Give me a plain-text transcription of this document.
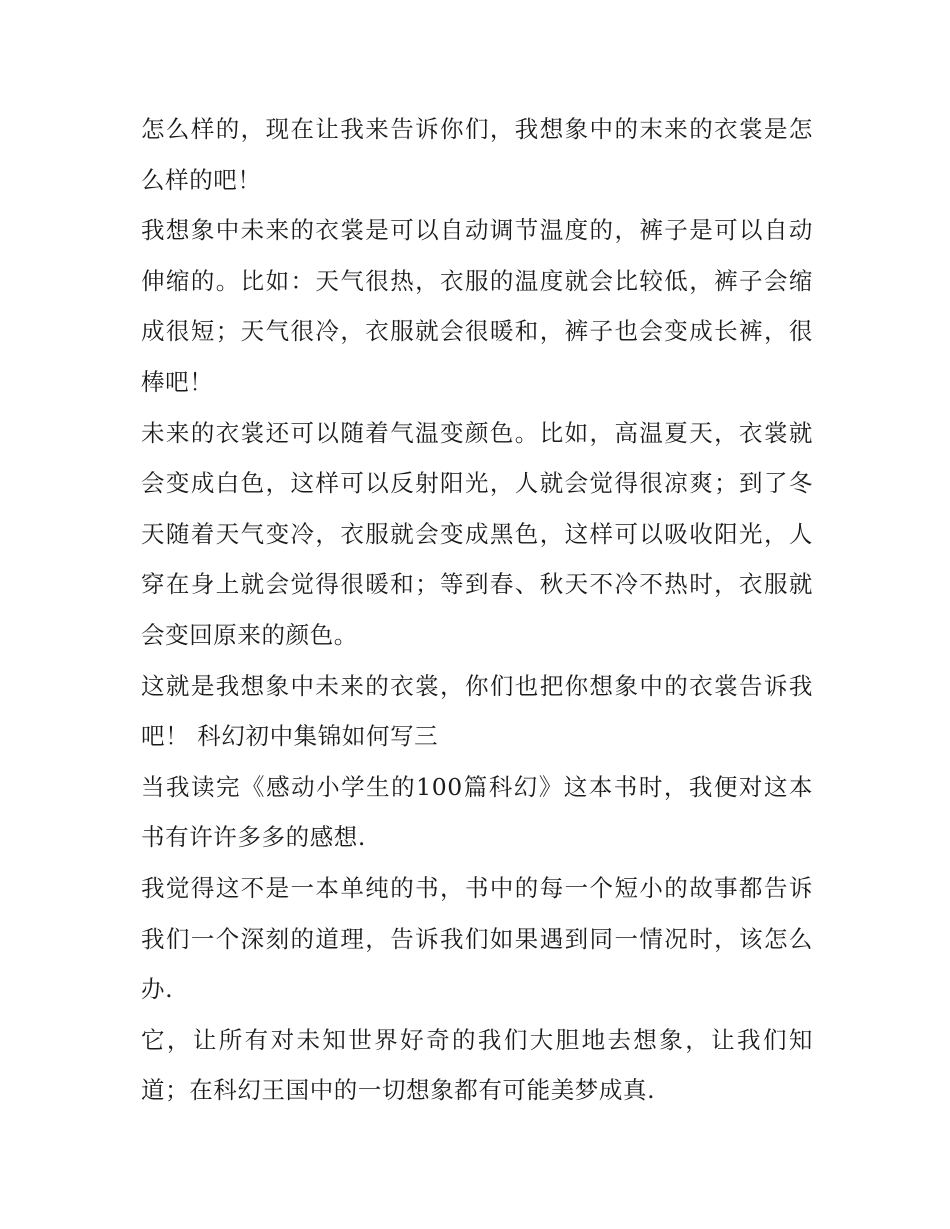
怎么样的，现在让我来告诉你们，我想象中的末来的衣裳是怎么样的吧！

我想象中未来的衣裳是可以自动调节温度的，裤子是可以自动伸缩的。比如：天气很热，衣服的温度就会比较低，裤子会缩成很短；天气很冷，衣服就会很暖和，裤子也会变成长裤，很棒吧！

未来的衣裳还可以随着气温变颜色。比如，高温夏天，衣裳就会变成白色，这样可以反射阳光，人就会觉得很凉爽；到了冬天随着天气变冷，衣服就会变成黑色，这样可以吸收阳光，人穿在身上就会觉得很暖和；等到春、秋天不冷不热时，衣服就会变回原来的颜色。

这就是我想象中未来的衣裳，你们也把你想象中的衣裳告诉我吧！ 科幻初中集锦如何写三

当我读完《感动小学生的100篇科幻》这本书时，我便对这本书有许许多多的感想.

我觉得这不是一本单纯的书，书中的每一个短小的故事都告诉我们一个深刻的道理，告诉我们如果遇到同一情况时，该怎么办.

它，让所有对未知世界好奇的我们大胆地去想象，让我们知道；在科幻王国中的一切想象都有可能美梦成真.
